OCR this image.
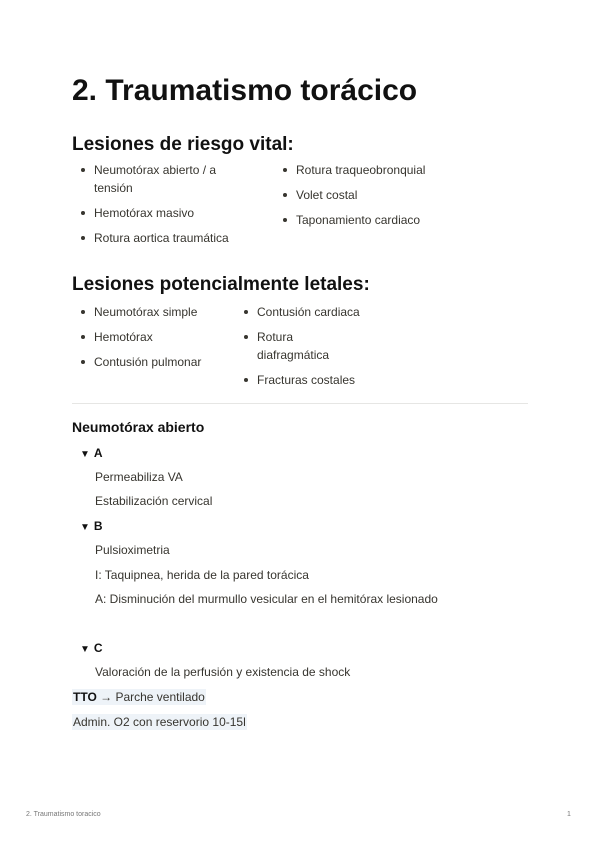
2. Traumatismo torácico
Lesiones de riesgo vital:
Neumotórax abierto / a tensión
Hemotórax masivo
Rotura aortica traumática
Rotura traqueobronquial
Volet costal
Taponamiento cardiaco
Lesiones potencialmente letales:
Neumotórax simple
Hemotórax
Contusión pulmonar
Contusión cardiaca
Rotura diafragmática
Fracturas costales
Neumotórax abierto
▼ A
Permeabiliza VA
Estabilización cervical
▼ B
Pulsioximetria
I: Taquipnea, herida de la pared torácica
A: Disminución del murmullo vesicular en el hemitórax lesionado
▼ C
Valoración de la perfusión y existencia de shock
TTO → Parche ventilado
Admin. O2 con reservorio 10-15l
2. Traumatismo toracico	1
